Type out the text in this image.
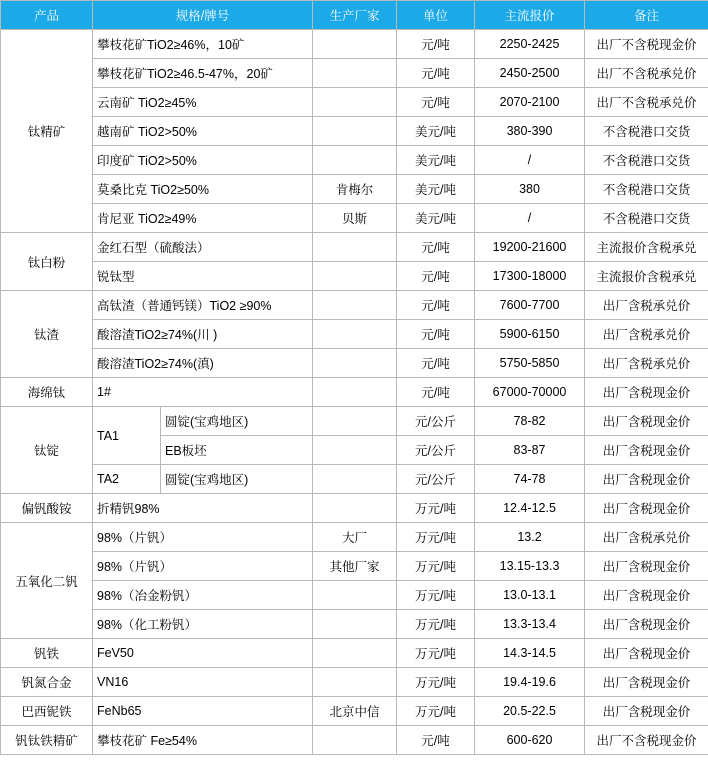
产品	规格/牌号		生产厂家	单位	主流报价	备注
钛精矿	攀枝花矿TiO2≥46%，10矿			元/吨	2250-2425	出厂不含税现金价
	攀枝花矿TiO2≥46.5-47%，20矿			元/吨	2450-2500	出厂不含税承兑价
	云南矿 TiO2≥45%			元/吨	2070-2100	出厂不含税承兑价
	越南矿 TiO2>50%			美元/吨	380-390	不含税港口交货
	印度矿 TiO2>50%			美元/吨	/	不含税港口交货
	莫桑比克 TiO2≥50%		肯梅尔	美元/吨	380	不含税港口交货
	肯尼亚 TiO2≥49%		贝斯	美元/吨	/	不含税港口交货
钛白粉	金红石型（硫酸法）			元/吨	19200-21600	主流报价含税承兑
	锐钛型			元/吨	17300-18000	主流报价含税承兑
钛渣	高钛渣（普通钙镁）TiO2 ≥90%			元/吨	7600-7700	出厂含税承兑价
	酸溶渣TiO2≥74%(川 )			元/吨	5900-6150	出厂含税承兑价
	酸溶渣TiO2≥74%(滇)			元/吨	5750-5850	出厂含税承兑价
海绵钛	1#			元/吨	67000-70000	出厂含税现金价
钛锭	TA1	圆锭(宝鸡地区)		元/公斤	78-82	出厂含税现金价
		EB板坯		元/公斤	83-87	出厂含税现金价
	TA2	圆锭(宝鸡地区)		元/公斤	74-78	出厂含税现金价
偏钒酸铵	折精钒98%			万元/吨	12.4-12.5	出厂含税现金价
五氧化二钒	98%（片钒）		大厂	万元/吨	13.2	出厂含税承兑价
	98%（片钒）		其他厂家	万元/吨	13.15-13.3	出厂含税现金价
	98%（冶金粉钒）			万元/吨	13.0-13.1	出厂含税现金价
	98%（化工粉钒）			万元/吨	13.3-13.4	出厂含税现金价
钒铁	FeV50			万元/吨	14.3-14.5	出厂含税现金价
钒氮合金	VN16			万元/吨	19.4-19.6	出厂含税现金价
巴西铌铁	FeNb65		北京中信	万元/吨	20.5-22.5	出厂含税现金价
钒钛铁精矿	攀枝花矿 Fe≥54%			元/吨	600-620	出厂不含税现金价
